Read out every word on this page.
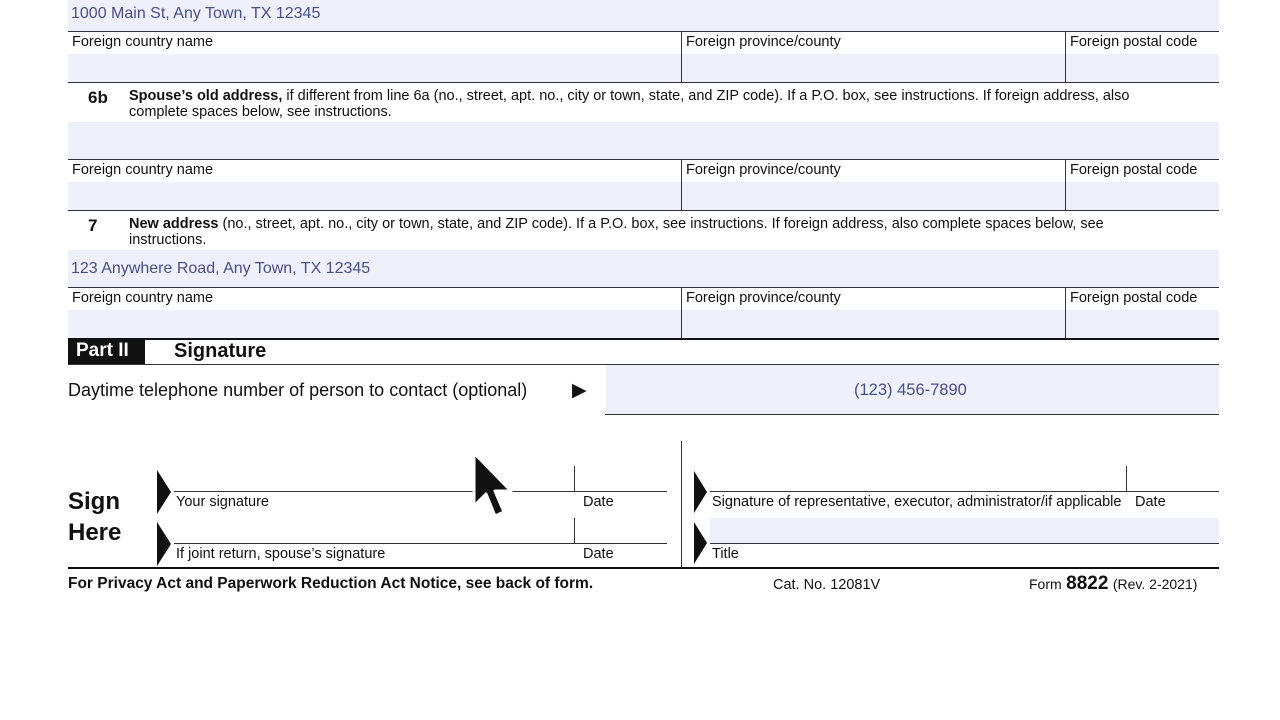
1000 Main St, Any Town, TX 12345
Foreign country name	Foreign province/county	Foreign postal code
6b Spouse’s old address, if different from line 6a (no., street, apt. no., city or town, state, and ZIP code). If a P.O. box, see instructions. If foreign address, also
complete spaces below, see instructions.
Foreign country name	Foreign province/county	Foreign postal code
7 New address (no., street, apt. no., city or town, state, and ZIP code). If a P.O. box, see instructions. If foreign address, also complete spaces below, see
instructions.
123 Anywhere Road, Any Town, TX 12345
Foreign country name	Foreign province/county	Foreign postal code
Part II Signature
Daytime telephone number of person to contact (optional) ▶	(123) 456-7890
Sign
Here
Your signature	Date
If joint return, spouse’s signature	Date
Signature of representative, executor, administrator/if applicable Date
Title
For Privacy Act and Paperwork Reduction Act Notice, see back of form.	Cat. No. 12081V	Form 8822 (Rev. 2-2021)
